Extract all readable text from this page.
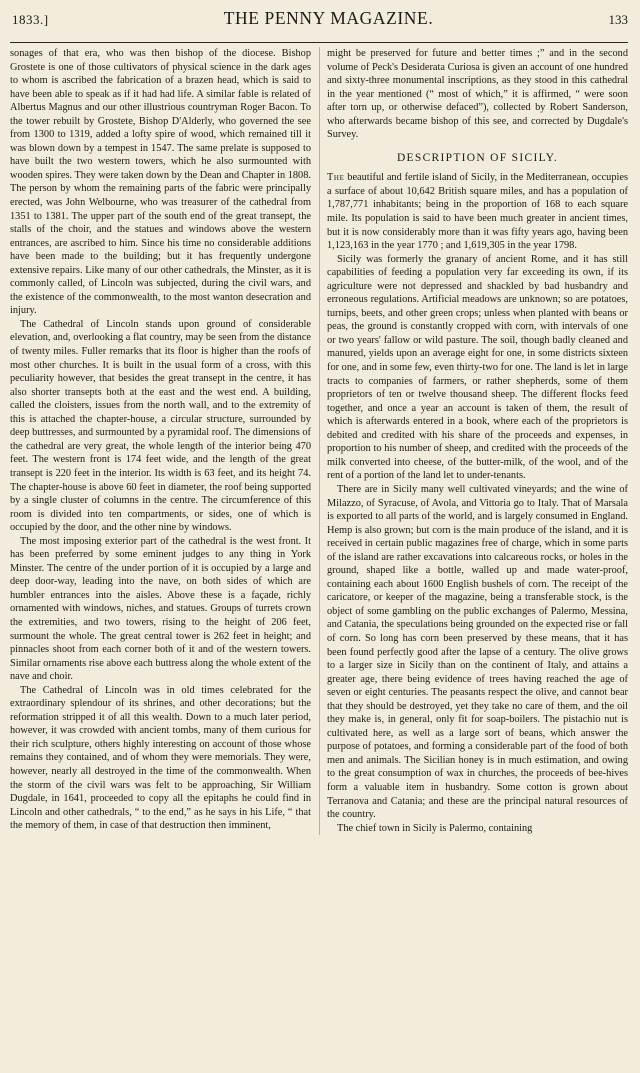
1833.]	THE PENNY MAGAZINE.	133

sonages of that era, who was then bishop of the diocese. Bishop Grostete is one of those cultivators of physical science in the dark ages to whom is ascribed the fabrication of a brazen head, which is said to have been able to speak as if it had had life. A similar fable is related of Albertus Magnus and our other illustrious countryman Roger Bacon. To the tower rebuilt by Grostete, Bishop D'Alderly, who governed the see from 1300 to 1319, added a lofty spire of wood, which remained till it was blown down by a tempest in 1547. The same prelate is supposed to have built the two western towers, which he also surmounted with wooden spires. They were taken down by the Dean and Chapter in 1808. The person by whom the remaining parts of the fabric were principally erected, was John Welbourne, who was treasurer of the cathedral from 1351 to 1381. The upper part of the south end of the great transept, the stalls of the choir, and the statues and windows above the western entrances, are ascribed to him. Since his time no considerable additions have been made to the building; but it has frequently undergone extensive repairs. Like many of our other cathedrals, the Minster, as it is commonly called, of Lincoln was subjected, during the civil wars, and the existence of the commonwealth, to the most wanton desecration and injury.

The Cathedral of Lincoln stands upon ground of considerable elevation, and, overlooking a flat country, may be seen from the distance of twenty miles. Fuller remarks that its floor is higher than the roofs of most other churches. It is built in the usual form of a cross, with this peculiarity however, that besides the great transept in the centre, it has also shorter transepts both at the east and the west end. A building, called the cloisters, issues from the north wall, and to the extremity of this is attached the chapter-house, a circular structure, surrounded by deep buttresses, and surmounted by a pyramidal roof. The dimensions of the cathedral are very great, the whole length of the interior being 470 feet. The western front is 174 feet wide, and the length of the great transept is 220 feet in the interior. Its width is 63 feet, and its height 74. The chapter-house is above 60 feet in diameter, the roof being supported by a single cluster of columns in the centre. The circumference of this room is divided into ten compartments, or sides, one of which is occupied by the door, and the other nine by windows.

The most imposing exterior part of the cathedral is the west front. It has been preferred by some eminent judges to any thing in York Minster. The centre of the under portion of it is occupied by a large and deep door-way, leading into the nave, on both sides of which are humbler entrances into the aisles. Above these is a façade, richly ornamented with windows, niches, and statues. Groups of turrets crown the extremities, and two towers, rising to the height of 206 feet, surmount the whole. The great central tower is 262 feet in height; and pinnacles shoot from each corner both of it and of the western towers. Similar ornaments rise above each buttress along the whole extent of the nave and choir.

The Cathedral of Lincoln was in old times celebrated for the extraordinary splendour of its shrines, and other decorations; but the reformation stripped it of all this wealth. Down to a much later period, however, it was crowded with ancient tombs, many of them curious for their rich sculpture, others highly interesting on account of those whose remains they contained, and of whom they were memorials. They were, however, nearly all destroyed in the time of the commonwealth. When the storm of the civil wars was felt to be approaching, Sir William Dugdale, in 1641, proceeded to copy all the epitaphs he could find in Lincoln and other cathedrals, “ to the end,” as he says in his Life, “ that the memory of them, in case of that destruction then imminent,

might be preserved for future and better times ;” and in the second volume of Peck's Desiderata Curiosa is given an account of one hundred and sixty-three monumental inscriptions, as they stood in this cathedral in the year mentioned (“ most of which,” it is affirmed, “ were soon after torn up, or otherwise defaced”), collected by Robert Sanderson, who afterwards became bishop of this see, and corrected by Dugdale's Survey.

DESCRIPTION OF SICILY.

The beautiful and fertile island of Sicily, in the Mediterranean, occupies a surface of about 10,642 British square miles, and has a population of 1,787,771 inhabitants; being in the proportion of 168 to each square mile. Its population is said to have been much greater in ancient times, but it is now considerably more than it was fifty years ago, having been 1,123,163 in the year 1770 ; and 1,619,305 in the year 1798.

Sicily was formerly the granary of ancient Rome, and it has still capabilities of feeding a population very far exceeding its own, if its agriculture were not depressed and shackled by bad husbandry and erroneous regulations. Artificial meadows are unknown; so are potatoes, turnips, beets, and other green crops; unless when planted with beans or peas, the ground is constantly cropped with corn, with intervals of one or two years' fallow or wild pasture. The soil, though badly cleaned and manured, yields upon an average eight for one, in some districts sixteen for one, and in some few, even thirty-two for one. The land is let in large tracts to companies of farmers, or rather shepherds, some of them proprietors of ten or twelve thousand sheep. The different flocks feed together, and once a year an account is taken of them, the result of which is afterwards entered in a book, where each of the proprietors is debited and credited with his share of the proceeds and expenses, in proportion to his number of sheep, and credited with the proceeds of the milk converted into cheese, of the butter-milk, of the wool, and of the rent of a portion of the land let to under-tenants.

There are in Sicily many well cultivated vineyards; and the wine of Milazzo, of Syracuse, of Avola, and Vittoria go to Italy. That of Marsala is exported to all parts of the world, and is largely consumed in England. Hemp is also grown; but corn is the main produce of the island, and it is received in certain public magazines free of charge, which in some parts of the island are rather excavations into calcareous rocks, or holes in the ground, shaped like a bottle, walled up and made water-proof, containing each about 1600 English bushels of corn. The receipt of the caricatore, or keeper of the magazine, being a transferable stock, is the object of some gambling on the public exchanges of Palermo, Messina, and Catania, the speculations being grounded on the expected rise or fall of corn. So long has corn been preserved by these means, that it has been found perfectly good after the lapse of a century. The olive grows to a larger size in Sicily than on the continent of Italy, and attains a greater age, there being evidence of trees having reached the age of seven or eight centuries. The peasants respect the olive, and cannot bear that they should be destroyed, yet they take no care of them, and the oil they make is, in general, only fit for soap-boilers. The pistachio nut is cultivated here, as well as a large sort of beans, which answer the purpose of potatoes, and forming a considerable part of the food of both men and animals. The Sicilian honey is in much estimation, and owing to the great consumption of wax in churches, the proceeds of bee-hives form a valuable item in husbandry. Some cotton is grown about Terranova and Catania; and these are the principal natural resources of the country.

The chief town in Sicily is Palermo, containing
